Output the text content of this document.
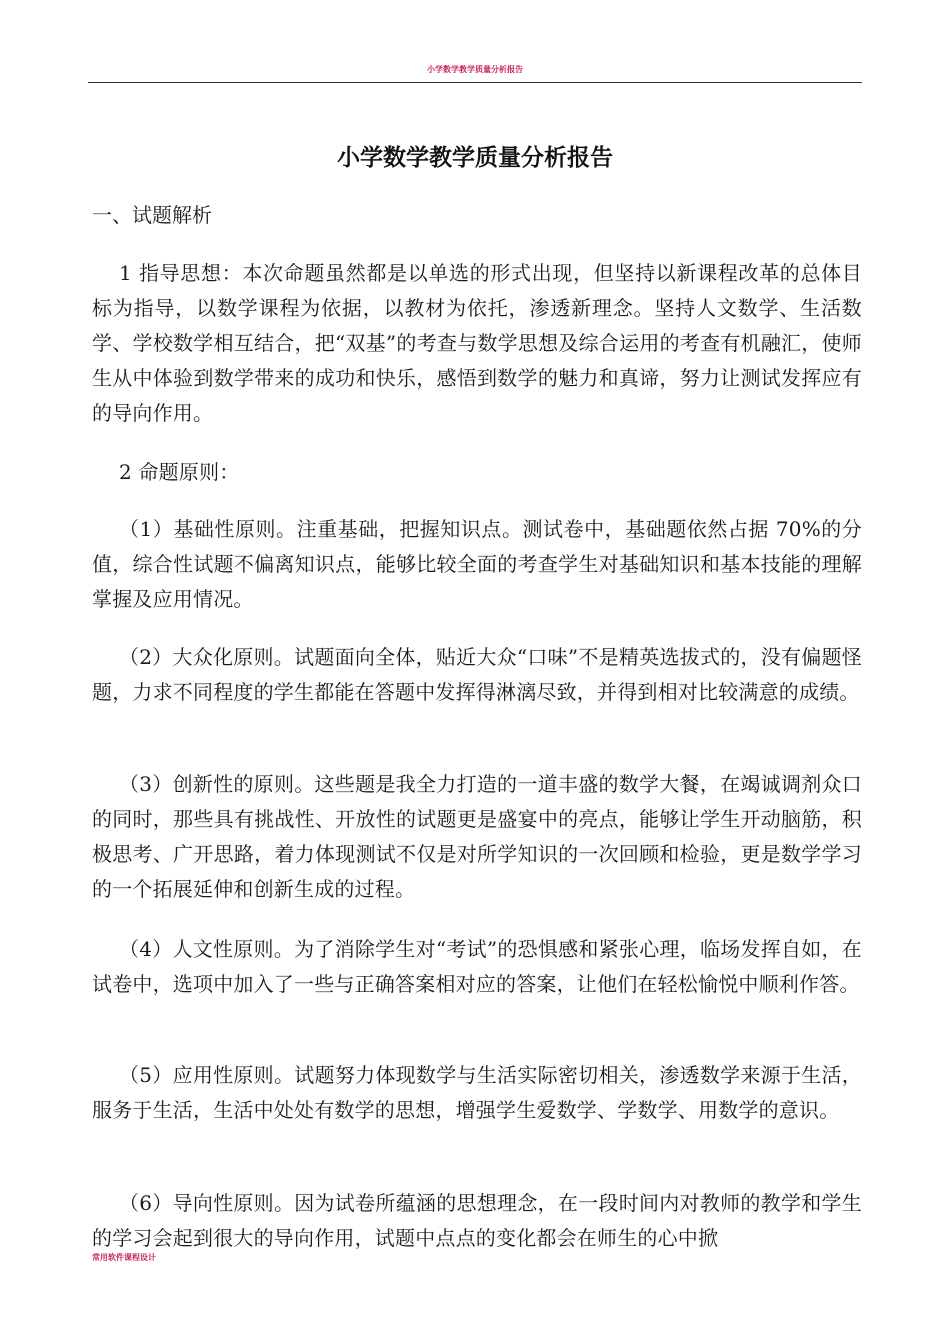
小学数学教学质量分析报告
小学数学教学质量分析报告
一、试题解析

1 指导思想：本次命题虽然都是以单选的形式出现，但坚持以新课程改革的总体目标为指导，以数学课程为依据，以教材为依托，渗透新理念。坚持人文数学、生活数学、学校数学相互结合，把“双基”的考查与数学思想及综合运用的考查有机融汇，使师生从中体验到数学带来的成功和快乐，感悟到数学的魅力和真谛，努力让测试发挥应有的导向作用。

2 命题原则：

（1）基础性原则。注重基础，把握知识点。测试卷中，基础题依然占据 70%的分值，综合性试题不偏离知识点，能够比较全面的考查学生对基础知识和基本技能的理解掌握及应用情况。

（2）大众化原则。试题面向全体，贴近大众“口味”不是精英选拔式的，没有偏题怪题，力求不同程度的学生都能在答题中发挥得淋漓尽致，并得到相对比较满意的成绩。

（3）创新性的原则。这些题是我全力打造的一道丰盛的数学大餐，在竭诚调剂众口的同时，那些具有挑战性、开放性的试题更是盛宴中的亮点，能够让学生开动脑筋，积极思考、广开思路，着力体现测试不仅是对所学知识的一次回顾和检验，更是数学学习的一个拓展延伸和创新生成的过程。

（4）人文性原则。为了消除学生对“考试”的恐惧感和紧张心理，临场发挥自如，在试卷中，选项中加入了一些与正确答案相对应的答案，让他们在轻松愉悦中顺利作答。

（5）应用性原则。试题努力体现数学与生活实际密切相关，渗透数学来源于生活，服务于生活，生活中处处有数学的思想，增强学生爱数学、学数学、用数学的意识。

（6）导向性原则。因为试卷所蕴涵的思想理念，在一段时间内对教师的教学和学生的学习会起到很大的导向作用，试题中点点的变化都会在师生的心中掀

常用软件课程设计
